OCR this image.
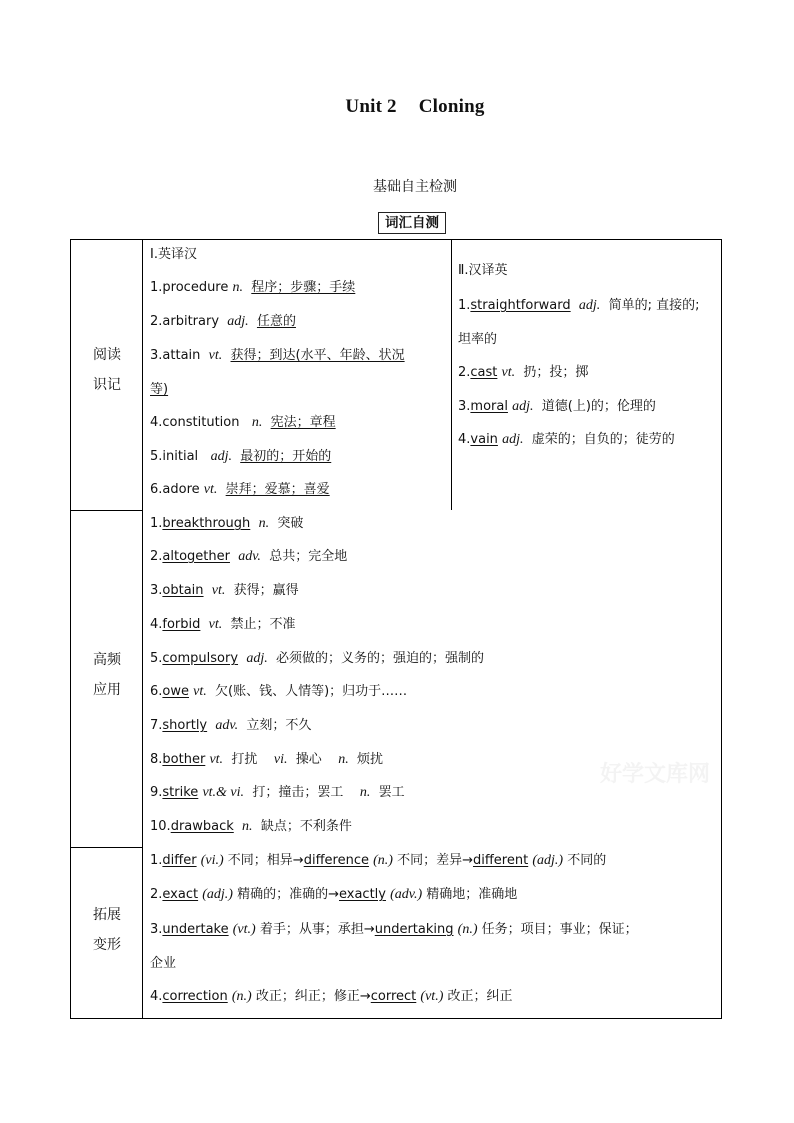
Unit 2 Cloning
基础自主检测
词汇自测
阅读
识记
高频
应用
拓展
变形
Ⅰ.英译汉
1.procedure n. 程序；步骤；手续
2.arbitrary adj. 任意的
3.attain vt. 获得；到达(水平、年龄、状况
等)
4.constitution n. 宪法；章程
5.initial adj. 最初的；开始的
6.adore vt. 崇拜；爱慕；喜爱
Ⅱ.汉译英
1.straightforward adj. 简单的; 直接的;
坦率的
2.cast vt. 扔；投；掷
3.moral adj. 道德(上)的；伦理的
4.vain adj. 虚荣的；自负的；徒劳的
1.breakthrough n. 突破
2.altogether adv. 总共；完全地
3.obtain vt. 获得；赢得
4.forbid vt. 禁止；不准
5.compulsory adj. 必须做的；义务的；强迫的；强制的
6.owe vt. 欠(账、钱、人情等)；归功于……
7.shortly adv. 立刻；不久
8.bother vt. 打扰 vi. 操心 n. 烦扰
9.strike vt.& vi. 打；撞击；罢工 n. 罢工
10.drawback n. 缺点；不利条件
1.differ (vi.) 不同；相异→difference (n.) 不同；差异→different (adj.) 不同的
2.exact (adj.) 精确的；准确的→exactly (adv.) 精确地；准确地
3.undertake (vt.) 着手；从事；承担→undertaking (n.) 任务；项目；事业；保证；
企业
4.correction (n.) 改正；纠正；修正→correct (vt.) 改正；纠正
好学文库网
